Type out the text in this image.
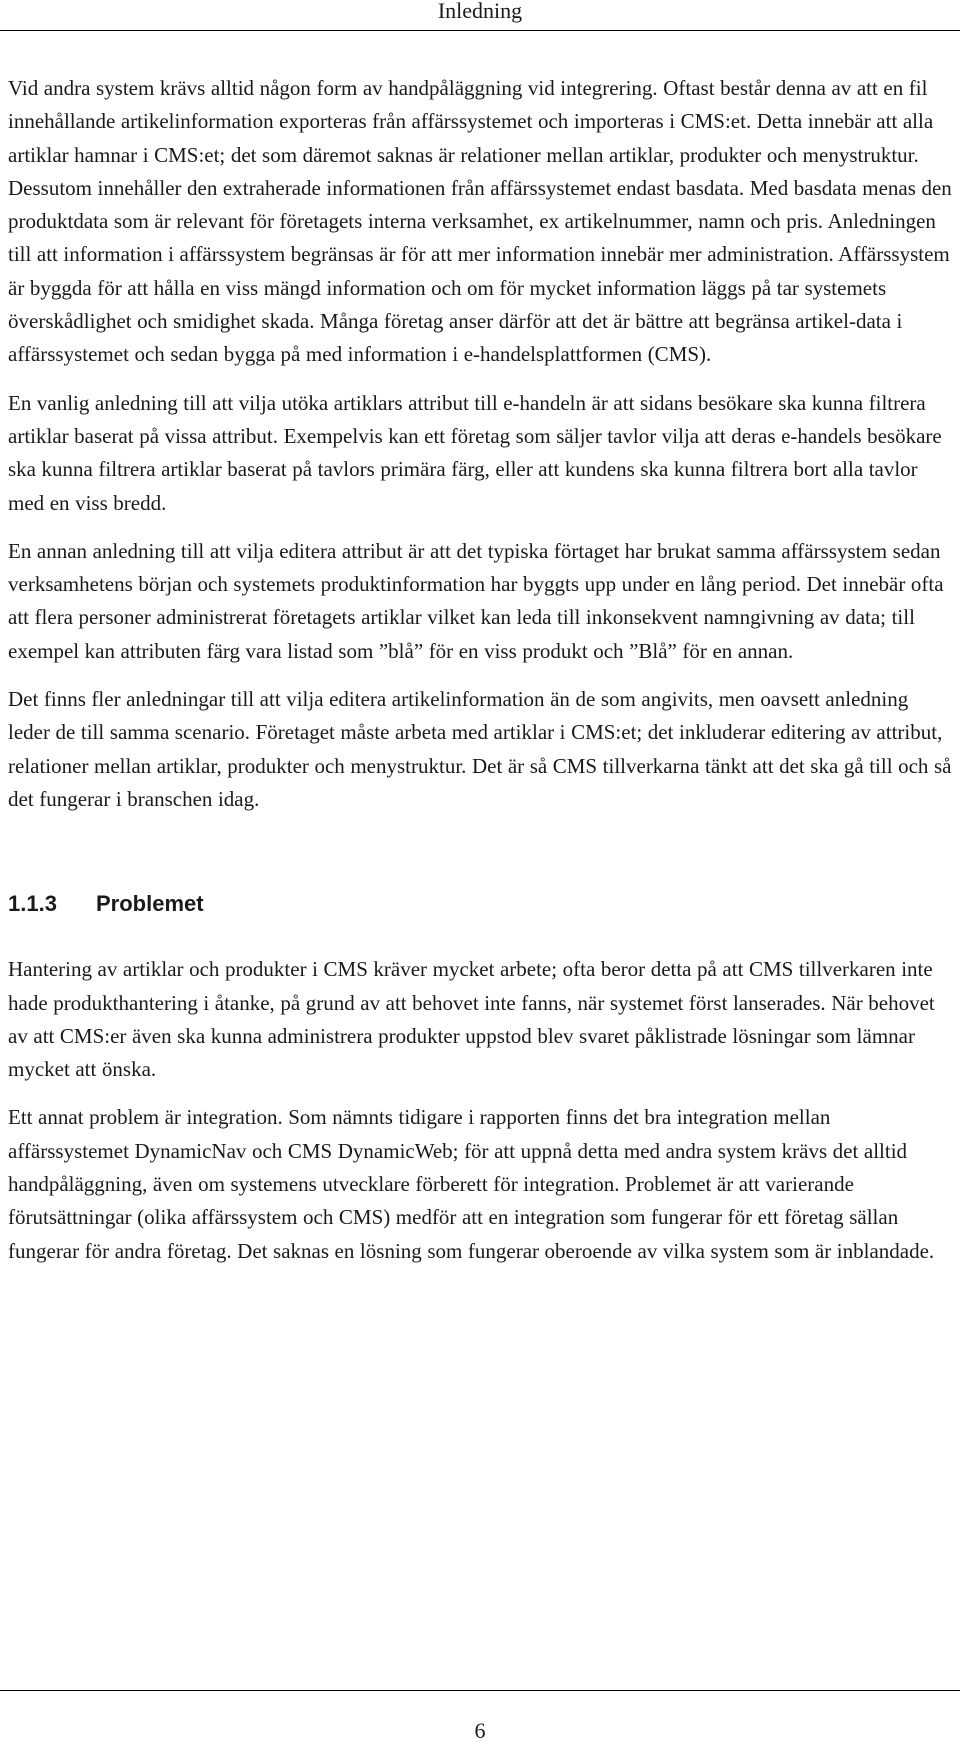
Inledning

Vid andra system krävs alltid någon form av handpåläggning vid integrering. Oftast består denna av att en fil innehållande artikelinformation exporteras från affärssystemet och importeras i CMS:et. Detta innebär att alla artiklar hamnar i CMS:et; det som däremot saknas är relationer mellan artiklar, produkter och menystruktur. Dessutom innehåller den extraherade informationen från affärssystemet endast basdata. Med basdata menas den produktdata som är relevant för företagets interna verksamhet, ex artikelnummer, namn och pris. Anledningen till att information i affärssystem begränsas är för att mer information innebär mer administration. Affärssystem är byggda för att hålla en viss mängd information och om för mycket information läggs på tar systemets överskådlighet och smidighet skada. Många företag anser därför att det är bättre att begränsa artikel-data i affärssystemet och sedan bygga på med information i e-handelsplattformen (CMS).

En vanlig anledning till att vilja utöka artiklars attribut till e-handeln är att sidans besökare ska kunna filtrera artiklar baserat på vissa attribut. Exempelvis kan ett företag som säljer tavlor vilja att deras e-handels besökare ska kunna filtrera artiklar baserat på tavlors primära färg, eller att kundens ska kunna filtrera bort alla tavlor med en viss bredd.

En annan anledning till att vilja editera attribut är att det typiska förtaget har brukat samma affärssystem sedan verksamhetens början och systemets produktinformation har byggts upp under en lång period. Det innebär ofta att flera personer administrerat företagets artiklar vilket kan leda till inkonsekvent namngivning av data; till exempel kan attributen färg vara listad som ”blå” för en viss produkt och ”Blå” för en annan.

Det finns fler anledningar till att vilja editera artikelinformation än de som angivits, men oavsett anledning leder de till samma scenario. Företaget måste arbeta med artiklar i CMS:et; det inkluderar editering av attribut, relationer mellan artiklar, produkter och menystruktur. Det är så CMS tillverkarna tänkt att det ska gå till och så det fungerar i branschen idag.

1.1.3 Problemet

Hantering av artiklar och produkter i CMS kräver mycket arbete; ofta beror detta på att CMS tillverkaren inte hade produkthantering i åtanke, på grund av att behovet inte fanns, när systemet först lanserades. När behovet av att CMS:er även ska kunna administrera produkter uppstod blev svaret påklistrade lösningar som lämnar mycket att önska.

Ett annat problem är integration. Som nämnts tidigare i rapporten finns det bra integration mellan affärssystemet DynamicNav och CMS DynamicWeb; för att uppnå detta med andra system krävs det alltid handpåläggning, även om systemens utvecklare förberett för integration. Problemet är att varierande förutsättningar (olika affärssystem och CMS) medför att en integration som fungerar för ett företag sällan fungerar för andra företag. Det saknas en lösning som fungerar oberoende av vilka system som är inblandade.

6
